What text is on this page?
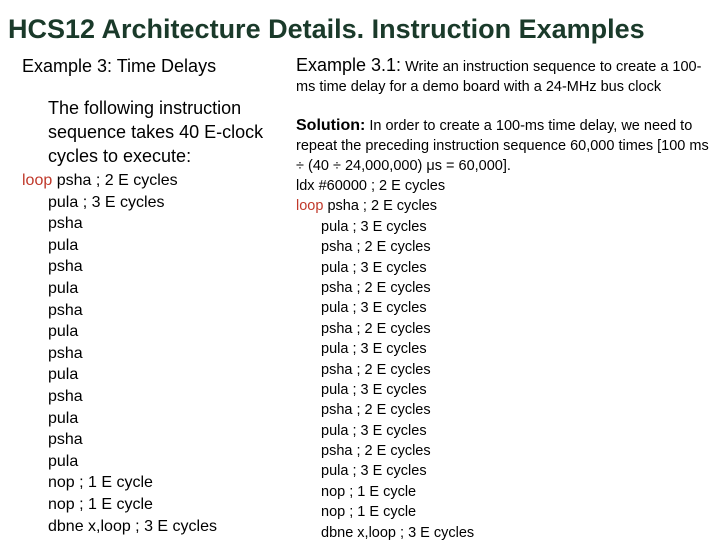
HCS12 Architecture Details. Instruction Examples
Example 3: Time Delays
The following instruction sequence takes 40 E-clock cycles to execute:
loop psha ; 2 E cycles
pula ; 3 E cycles
psha
pula
psha
pula
psha
pula
psha
pula
psha
pula
psha
pula
nop ; 1 E cycle
nop ; 1 E cycle
dbne x,loop ; 3 E cycles
Example 3.1: Write an instruction sequence to create a 100-ms time delay for a demo board with a 24-MHz bus clock
Solution: In order to create a 100-ms time delay, we need to repeat the preceding instruction sequence 60,000 times [100 ms ÷ (40 ÷ 24,000,000) μs = 60,000].
ldx #60000 ; 2 E cycles
loop psha ; 2 E cycles
pula ; 3 E cycles
psha ; 2 E cycles
pula ; 3 E cycles
psha ; 2 E cycles
pula ; 3 E cycles
psha ; 2 E cycles
pula ; 3 E cycles
psha ; 2 E cycles
pula ; 3 E cycles
psha ; 2 E cycles
pula ; 3 E cycles
psha ; 2 E cycles
pula ; 3 E cycles
nop ; 1 E cycle
nop ; 1 E cycle
dbne x,loop ; 3 E cycles
